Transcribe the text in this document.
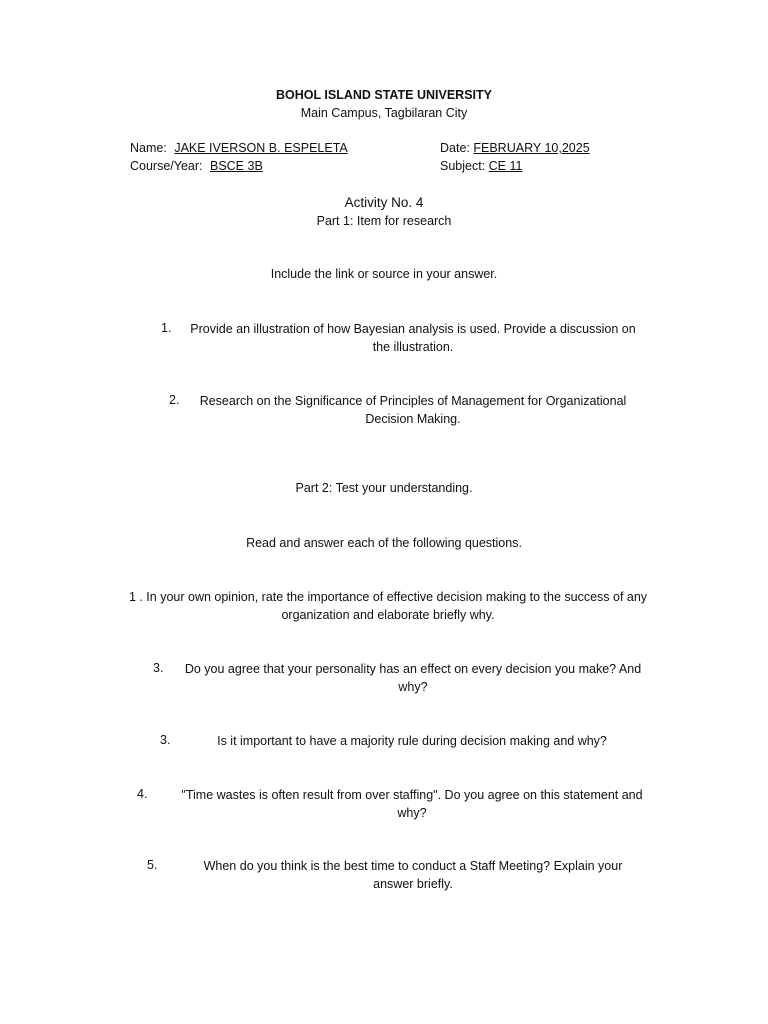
BOHOL ISLAND STATE UNIVERSITY
Main Campus, Tagbilaran City
Name: JAKE IVERSON B. ESPELETA	Date: FEBRUARY 10,2025
Course/Year: BSCE 3B	Subject: CE 11
Activity No. 4
Part 1: Item for research
Include the link or source in your answer.
1.	Provide an illustration of how Bayesian analysis is used. Provide a discussion on the illustration.
2.	Research on the Significance of Principles of Management for Organizational Decision Making.
Part 2: Test your understanding.
Read and answer each of the following questions.
1 . In your own opinion, rate the importance of effective decision making to the success of any organization and elaborate briefly why.
3.	Do you agree that your personality has an effect on every decision you make? And why?
3.	Is it important to have a majority rule during decision making and why?
4.	"Time wastes is often result from over staffing". Do you agree on this statement and why?
5.	When do you think is the best time to conduct a Staff Meeting? Explain your answer briefly.
